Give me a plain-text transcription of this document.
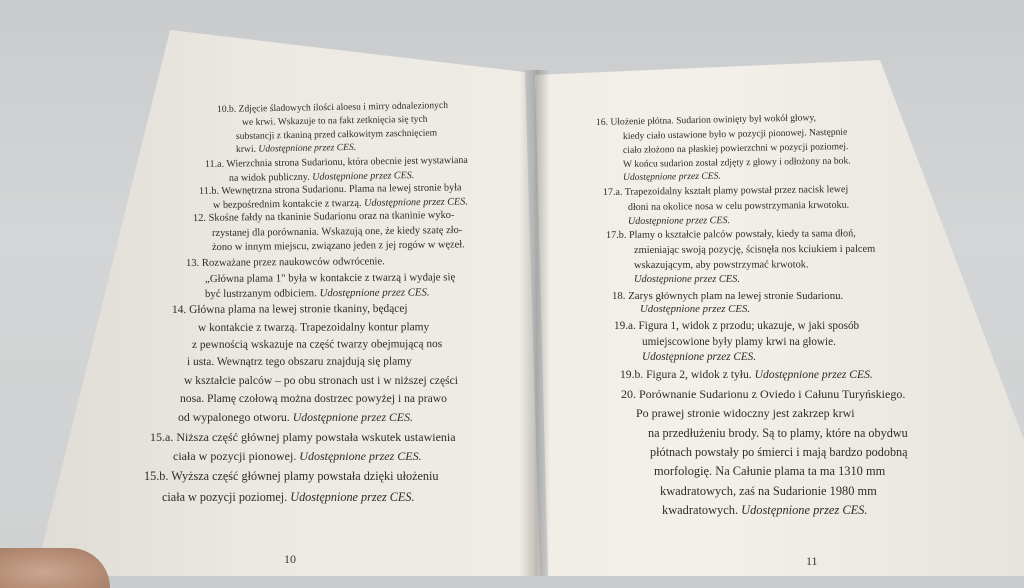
10.b. Zdjęcie śladowych ilości aloesu i mirry odnalezionych
we krwi. Wskazuje to na fakt zetknięcia się tych
substancji z tkaniną przed całkowitym zaschnięciem
krwi. Udostępnione przez CES.
11.a. Wierzchnia strona Sudarionu, która obecnie jest wystawiana
na widok publiczny. Udostępnione przez CES.
11.b. Wewnętrzna strona Sudarionu. Plama na lewej stronie była
w bezpośrednim kontakcie z twarzą. Udostępnione przez CES.
12. Skośne fałdy na tkaninie Sudarionu oraz na tkaninie wyko-
rzystanej dla porównania. Wskazują one, że kiedy szatę zło-
żono w innym miejscu, związano jeden z jej rogów w węzeł.
13. Rozważane przez naukowców odwrócenie.
„Główna plama 1" była w kontakcie z twarzą i wydaje się
być lustrzanym odbiciem. Udostępnione przez CES.
14. Główna plama na lewej stronie tkaniny, będącej
w kontakcie z twarzą. Trapezoidalny kontur plamy
z pewnością wskazuje na część twarzy obejmującą nos
i usta. Wewnątrz tego obszaru znajdują się plamy
w kształcie palców – po obu stronach ust i w niższej części
nosa. Plamę czołową można dostrzec powyżej i na prawo
od wypalonego otworu. Udostępnione przez CES.
15.a. Niższa część głównej plamy powstała wskutek ustawienia
ciała w pozycji pionowej. Udostępnione przez CES.
15.b. Wyższa część głównej plamy powstała dzięki ułożeniu
ciała w pozycji poziomej. Udostępnione przez CES.
16. Ułożenie płótna. Sudarion owinięty był wokół głowy,
kiedy ciało ustawione było w pozycji pionowej. Następnie
ciało złożono na płaskiej powierzchni w pozycji poziomej.
W końcu sudarion został zdjęty z głowy i odłożony na bok.
Udostępnione przez CES.
17.a. Trapezoidalny kształt plamy powstał przez nacisk lewej
dłoni na okolice nosa w celu powstrzymania krwotoku.
Udostępnione przez CES.
17.b. Plamy o kształcie palców powstały, kiedy ta sama dłoń,
zmieniając swoją pozycję, ścisnęła nos kciukiem i palcem
wskazującym, aby powstrzymać krwotok.
Udostępnione przez CES.
18. Zarys głównych plam na lewej stronie Sudarionu.
Udostępnione przez CES.
19.a. Figura 1, widok z przodu; ukazuje, w jaki sposób
umiejscowione były plamy krwi na głowie.
Udostępnione przez CES.
19.b. Figura 2, widok z tyłu. Udostępnione przez CES.
20. Porównanie Sudarionu z Oviedo i Całunu Turyńskiego.
Po prawej stronie widoczny jest zakrzep krwi
na przedłużeniu brody. Są to plamy, które na obydwu
płótnach powstały po śmierci i mają bardzo podobną
morfologię. Na Całunie plama ta ma 1310 mm
kwadratowych, zaś na Sudarionie 1980 mm
kwadratowych. Udostępnione przez CES.
10	11
